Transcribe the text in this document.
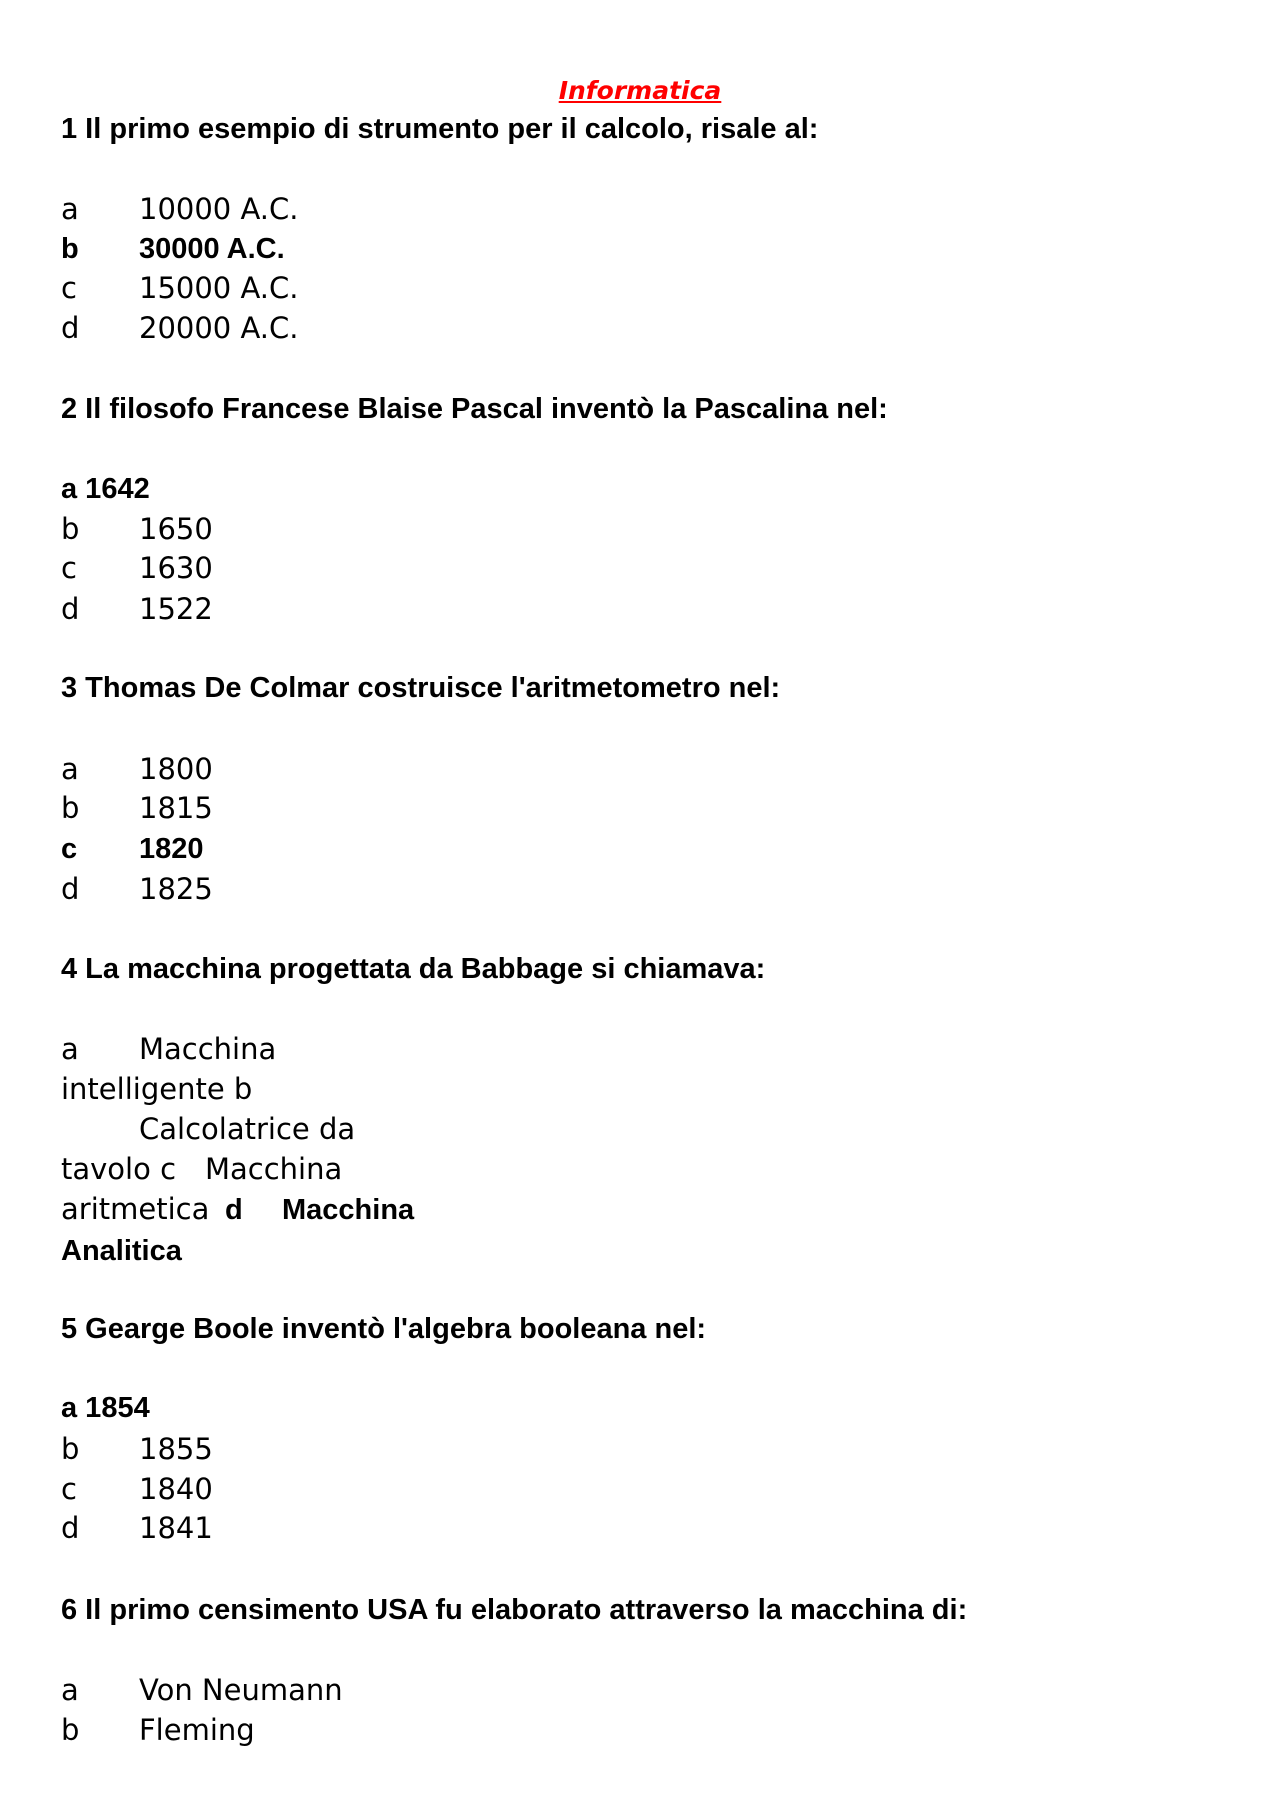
Informatica
1 Il primo esempio di strumento per il calcolo, risale al:
a 10000 A.C.
b 30000 A.C.
c 15000 A.C.
d 20000 A.C.
2 Il filosofo Francese Blaise Pascal inventò la Pascalina nel:
a 1642
b 1650
c 1630
d 1522
3 Thomas De Colmar costruisce l'aritmetometro nel:
a 1800
b 1815
c 1820
d 1825
4 La macchina progettata da Babbage si chiamava:
a Macchina
intelligente b
Calcolatrice da
tavolo c Macchina
aritmetica d Macchina
Analitica
5 Gearge Boole inventò l'algebra booleana nel:
a 1854
b 1855
c 1840
d 1841
6 Il primo censimento USA fu elaborato attraverso la macchina di:
a Von Neumann
b Fleming
